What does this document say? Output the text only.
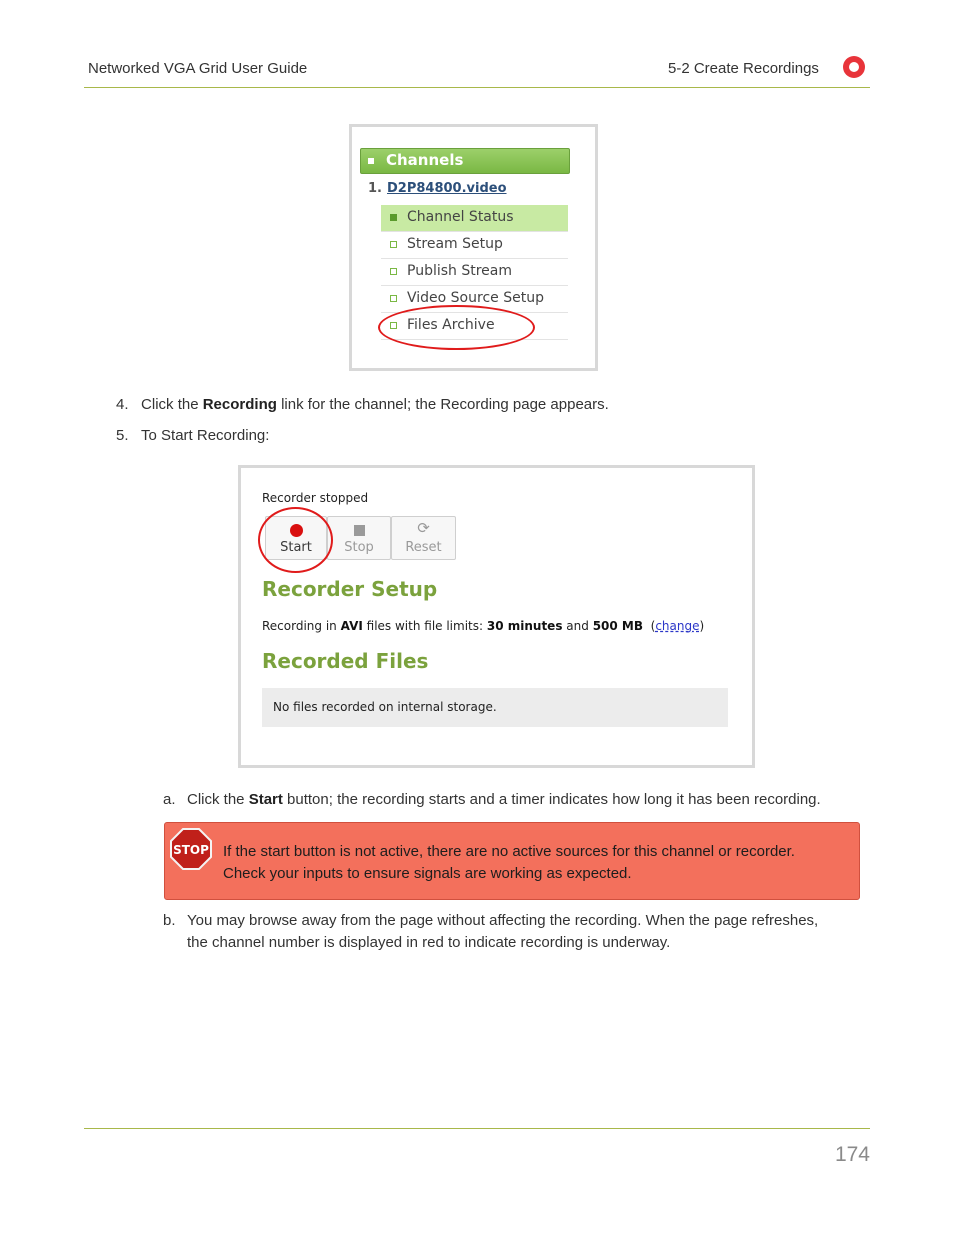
Networked VGA Grid User Guide	5-2 Create Recordings
Channels
1. D2P84800.video
Channel Status
Stream Setup
Publish Stream
Video Source Setup
Files Archive
4. Click the Recording link for the channel; the Recording page appears.
5. To Start Recording:
Recorder stopped
Start	Stop
⟳
Reset
Recorder Setup
Recording in AVI files with file limits: 30 minutes and 500 MB  (change)
Recorded Files
No files recorded on internal storage.
a. Click the Start button; the recording starts and a timer indicates how long it has been recording.
STOP If the start button is not active, there are no active sources for this channel or recorder.
Check your inputs to ensure signals are working as expected.
b. You may browse away from the page without affecting the recording. When the page refreshes,
the channel number is displayed in red to indicate recording is underway.
174
